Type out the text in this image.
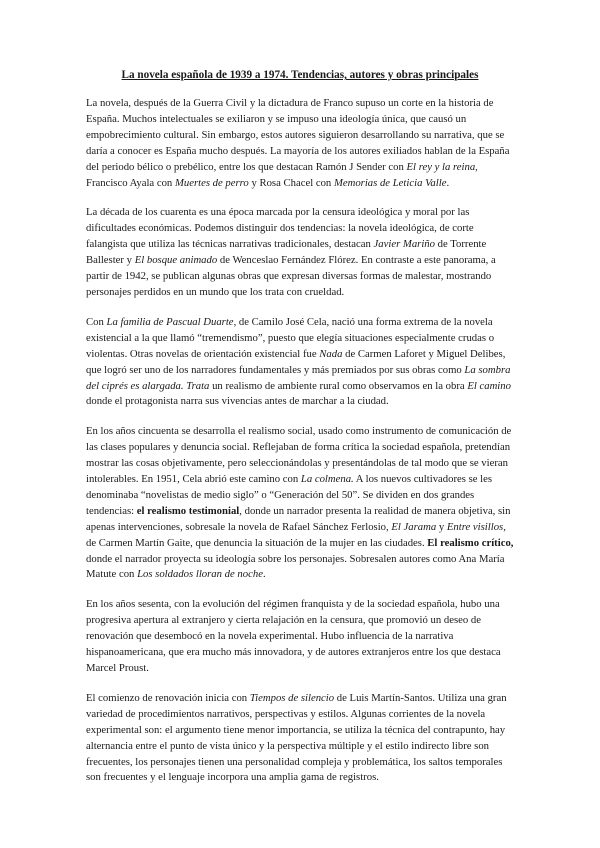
La novela española de 1939 a 1974. Tendencias, autores y obras principales

La novela, después de la Guerra Civil y la dictadura de Franco supuso un corte en la historia de España. Muchos intelectuales se exiliaron y se impuso una ideología única, que causó un empobrecimiento cultural. Sin embargo, estos autores siguieron desarrollando su narrativa, que se daría a conocer es España mucho después. La mayoría de los autores exiliados hablan de la España del periodo bélico o prebélico, entre los que destacan Ramón J Sender con El rey y la reina, Francisco Ayala con Muertes de perro y Rosa Chacel con Memorias de Leticia Valle.

La década de los cuarenta es una época marcada por la censura ideológica y moral por las dificultades económicas. Podemos distinguir dos tendencias: la novela ideológica, de corte falangista que utiliza las técnicas narrativas tradicionales, destacan Javier Mariño de Torrente Ballester y El bosque animado de Wenceslao Fernández Flórez. En contraste a este panorama, a partir de 1942, se publican algunas obras que expresan diversas formas de malestar, mostrando personajes perdidos en un mundo que los trata con crueldad.

Con La familia de Pascual Duarte, de Camilo José Cela, nació una forma extrema de la novela existencial a la que llamó “tremendismo”, puesto que elegía situaciones especialmente crudas o violentas. Otras novelas de orientación existencial fue Nada de Carmen Laforet y Miguel Delibes, que logró ser uno de los narradores fundamentales y más premiados por sus obras como La sombra del ciprés es alargada. Trata un realismo de ambiente rural como observamos en la obra El camino donde el protagonista narra sus vivencias antes de marchar a la ciudad.

En los años cincuenta se desarrolla el realismo social, usado como instrumento de comunicación de las clases populares y denuncia social. Reflejaban de forma crítica la sociedad española, pretendían mostrar las cosas objetivamente, pero seleccionándolas y presentándolas de tal modo que se vieran intolerables. En 1951, Cela abrió este camino con La colmena. A los nuevos cultivadores se les denominaba “novelistas de medio siglo” o “Generación del 50”. Se dividen en dos grandes tendencias: el realismo testimonial, donde un narrador presenta la realidad de manera objetiva, sin apenas intervenciones, sobresale la novela de Rafael Sánchez Ferlosio, El Jarama y Entre visillos, de Carmen Martín Gaite, que denuncia la situación de la mujer en las ciudades. El realismo crítico, donde el narrador proyecta su ideología sobre los personajes. Sobresalen autores como Ana María Matute con Los soldados lloran de noche.

En los años sesenta, con la evolución del régimen franquista y de la sociedad española, hubo una progresiva apertura al extranjero y cierta relajación en la censura, que promovió un deseo de renovación que desembocó en la novela experimental. Hubo influencia de la narrativa hispanoamericana, que era mucho más innovadora, y de autores extranjeros entre los que destaca Marcel Proust.

El comienzo de renovación inicia con Tiempos de silencio de Luis Martín-Santos. Utiliza una gran variedad de procedimientos narrativos, perspectivas y estilos. Algunas corrientes de la novela experimental son: el argumento tiene menor importancia, se utiliza la técnica del contrapunto, hay alternancia entre el punto de vista único y la perspectiva múltiple y el estilo indirecto libre son frecuentes, los personajes tienen una personalidad compleja y problemática, los saltos temporales son frecuentes y el lenguaje incorpora una amplia gama de registros.
